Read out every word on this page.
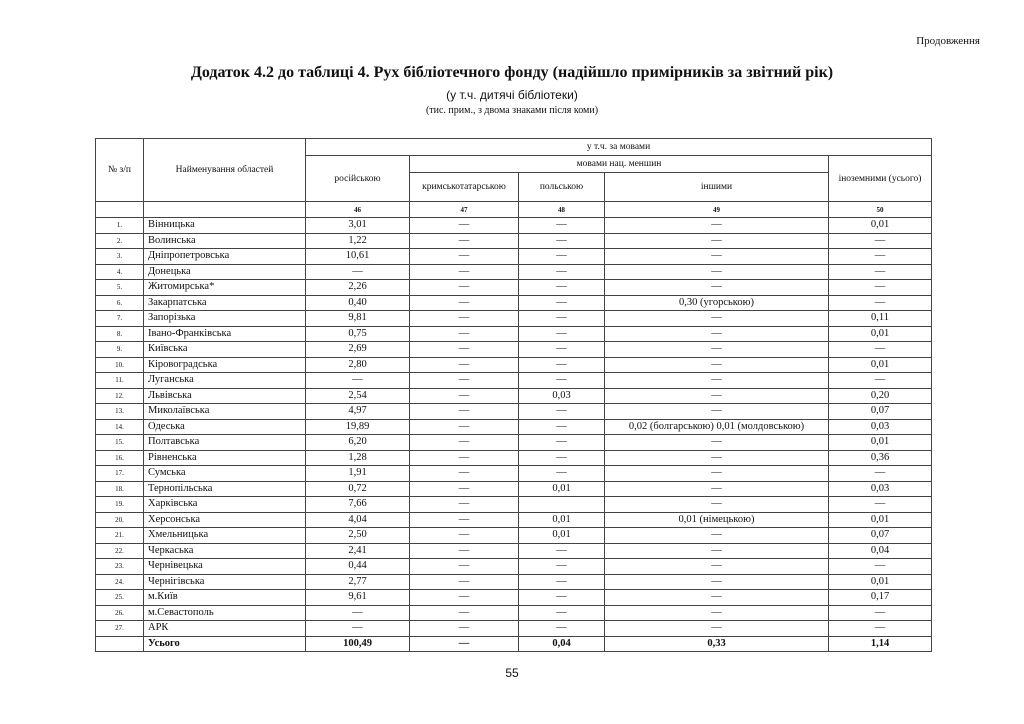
Продовження
Додаток 4.2 до таблиці 4. Рух бібліотечного фонду (надійшло примірників за звітний рік)
(у т.ч. дитячі бібліотеки)
(тис. прим., з двома знаками після коми)
№ з/п	Найменування областей	у т.ч. за мовами				
		російською	мовами нац. меншин			іноземними (усього)
			кримськотатарською	польською	іншими	
		46	47	48	49	50
1.	Вінницька	3,01	—	—	—	0,01
2.	Волинська	1,22	—	—	—	—
3.	Дніпропетровська	10,61	—	—	—	—
4.	Донецька	—	—	—	—	—
5.	Житомирська*	2,26	—	—	—	—
6.	Закарпатська	0,40	—	—	0,30 (угорською)	—
7.	Запорізька	9,81	—	—	—	0,11
8.	Івано-Франківська	0,75	—	—	—	0,01
9.	Київська	2,69	—	—	—	—
10.	Кіровоградська	2,80	—	—	—	0,01
11.	Луганська	—	—	—	—	—
12.	Львівська	2,54	—	0,03	—	0,20
13.	Миколаївська	4,97	—	—	—	0,07
14.	Одеська	19,89	—	—	0,02 (болгарською) 0,01 (молдовською)	0,03
15.	Полтавська	6,20	—	—	—	0,01
16.	Рівненська	1,28	—	—	—	0,36
17.	Сумська	1,91	—	—	—	—
18.	Тернопільська	0,72	—	0,01	—	0,03
19.	Харківська	7,66	—		—	—
20.	Херсонська	4,04	—	0,01	0,01 (німецькою)	0,01
21.	Хмельницька	2,50	—	0,01	—	0,07
22.	Черкаська	2,41	—	—	—	0,04
23.	Чернівецька	0,44	—	—	—	—
24.	Чернігівська	2,77	—	—	—	0,01
25.	м.Київ	9,61	—	—	—	0,17
26.	м.Севастополь	—	—	—	—	—
27.	АРК	—	—	—	—	—
	Усього	100,49	—	0,04	0,33	1,14
55
